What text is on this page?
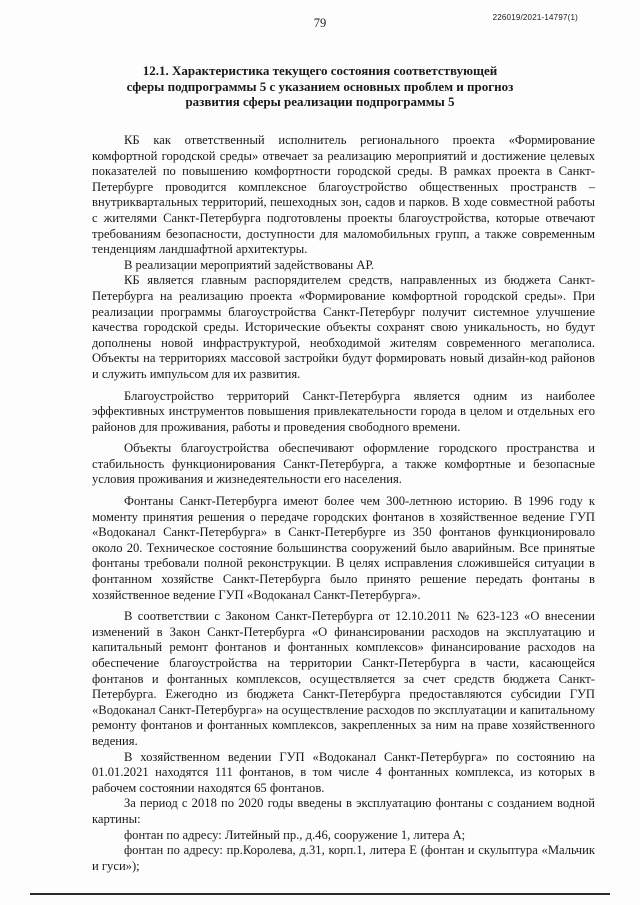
79	226019/2021-14797(1)
12.1. Характеристика текущего состояния соответствующей
сферы подпрограммы 5 с указанием основных проблем и прогноз
развития сферы реализации подпрограммы 5

КБ как ответственный исполнитель регионального проекта «Формирование комфортной городской среды» отвечает за реализацию мероприятий и достижение целевых показателей по повышению комфортности городской среды. В рамках проекта в Санкт-Петербурге проводится комплексное благоустройство общественных пространств – внутриквартальных территорий, пешеходных зон, садов и парков. В ходе совместной работы с жителями Санкт-Петербурга подготовлены проекты благоустройства, которые отвечают требованиям безопасности, доступности для маломобильных групп, а также современным тенденциям ландшафтной архитектуры.

В реализации мероприятий задействованы АР.

КБ является главным распорядителем средств, направленных из бюджета Санкт-Петербурга на реализацию проекта «Формирование комфортной городской среды». При реализации программы благоустройства Санкт-Петербург получит системное улучшение качества городской среды. Исторические объекты сохранят свою уникальность, но будут дополнены новой инфраструктурой, необходимой жителям современного мегаполиса. Объекты на территориях массовой застройки будут формировать новый дизайн-код районов и служить импульсом для их развития.

Благоустройство территорий Санкт-Петербурга является одним из наиболее эффективных инструментов повышения привлекательности города в целом и отдельных его районов для проживания, работы и проведения свободного времени.

Объекты благоустройства обеспечивают оформление городского пространства и стабильность функционирования Санкт-Петербурга, а также комфортные и безопасные условия проживания и жизнедеятельности его населения.

Фонтаны Санкт-Петербурга имеют более чем 300-летнюю историю. В 1996 году к моменту принятия решения о передаче городских фонтанов в хозяйственное ведение ГУП «Водоканал Санкт-Петербурга» в Санкт-Петербурге из 350 фонтанов функционировало около 20. Техническое состояние большинства сооружений было аварийным. Все принятые фонтаны требовали полной реконструкции. В целях исправления сложившейся ситуации в фонтанном хозяйстве Санкт-Петербурга было принято решение передать фонтаны в хозяйственное ведение ГУП «Водоканал Санкт-Петербурга».

В соответствии с Законом Санкт-Петербурга от 12.10.2011 № 623-123 «О внесении изменений в Закон Санкт-Петербурга «О финансировании расходов на эксплуатацию и капитальный ремонт фонтанов и фонтанных комплексов» финансирование расходов на обеспечение благоустройства на территории Санкт-Петербурга в части, касающейся фонтанов и фонтанных комплексов, осуществляется за счет средств бюджета Санкт-Петербурга. Ежегодно из бюджета Санкт-Петербурга предоставляются субсидии ГУП «Водоканал Санкт-Петербурга» на осуществление расходов по эксплуатации и капитальному ремонту фонтанов и фонтанных комплексов, закрепленных за ним на праве хозяйственного ведения.

В хозяйственном ведении ГУП «Водоканал Санкт-Петербурга» по состоянию на 01.01.2021 находятся 111 фонтанов, в том числе 4 фонтанных комплекса, из которых в рабочем состоянии находятся 65 фонтанов.

За период с 2018 по 2020 годы введены в эксплуатацию фонтаны с созданием водной картины:

фонтан по адресу: Литейный пр., д.46, сооружение 1, литера А;

фонтан по адресу: пр.Королева, д.31, корп.1, литера Е (фонтан и скульптура «Мальчик и гуси»);
